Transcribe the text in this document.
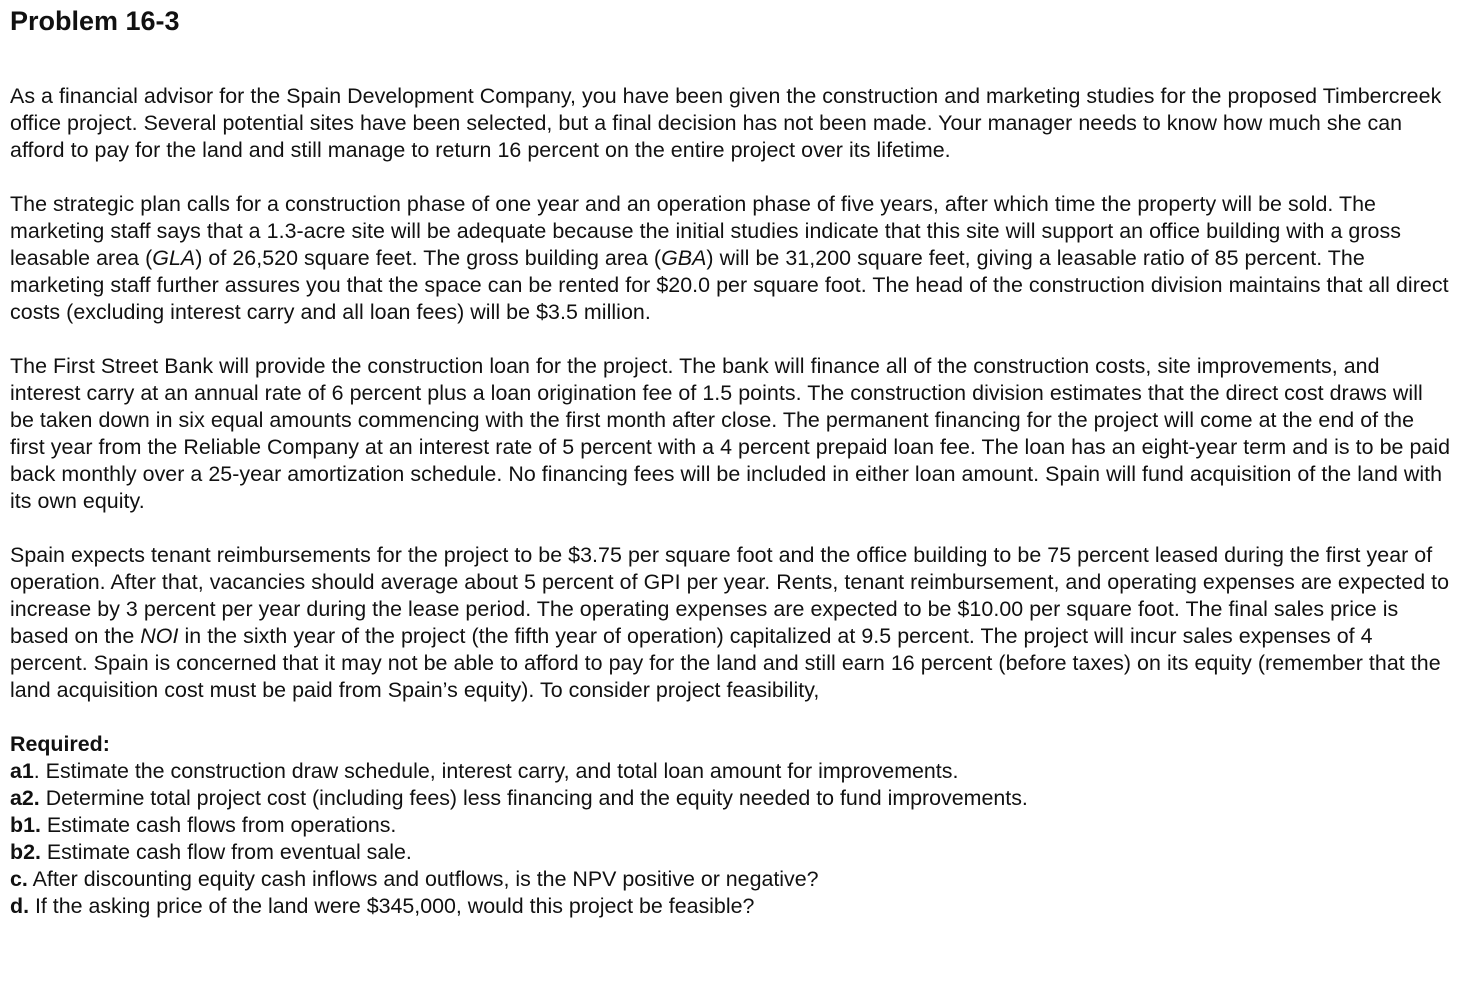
Problem 16-3

As a financial advisor for the Spain Development Company, you have been given the construction and marketing studies for the proposed Timbercreek office project. Several potential sites have been selected, but a final decision has not been made. Your manager needs to know how much she can afford to pay for the land and still manage to return 16 percent on the entire project over its lifetime.

The strategic plan calls for a construction phase of one year and an operation phase of five years, after which time the property will be sold. The marketing staff says that a 1.3-acre site will be adequate because the initial studies indicate that this site will support an office building with a gross leasable area (GLA) of 26,520 square feet. The gross building area (GBA) will be 31,200 square feet, giving a leasable ratio of 85 percent. The marketing staff further assures you that the space can be rented for $20.0 per square foot. The head of the construction division maintains that all direct costs (excluding interest carry and all loan fees) will be $3.5 million.

The First Street Bank will provide the construction loan for the project. The bank will finance all of the construction costs, site improvements, and interest carry at an annual rate of 6 percent plus a loan origination fee of 1.5 points. The construction division estimates that the direct cost draws will be taken down in six equal amounts commencing with the first month after close. The permanent financing for the project will come at the end of the first year from the Reliable Company at an interest rate of 5 percent with a 4 percent prepaid loan fee. The loan has an eight-year term and is to be paid back monthly over a 25-year amortization schedule. No financing fees will be included in either loan amount. Spain will fund acquisition of the land with its own equity.

Spain expects tenant reimbursements for the project to be $3.75 per square foot and the office building to be 75 percent leased during the first year of operation. After that, vacancies should average about 5 percent of GPI per year. Rents, tenant reimbursement, and operating expenses are expected to increase by 3 percent per year during the lease period. The operating expenses are expected to be $10.00 per square foot. The final sales price is based on the NOI in the sixth year of the project (the fifth year of operation) capitalized at 9.5 percent. The project will incur sales expenses of 4 percent. Spain is concerned that it may not be able to afford to pay for the land and still earn 16 percent (before taxes) on its equity (remember that the land acquisition cost must be paid from Spain’s equity). To consider project feasibility,

Required:

a1. Estimate the construction draw schedule, interest carry, and total loan amount for improvements.

a2. Determine total project cost (including fees) less financing and the equity needed to fund improvements.

b1. Estimate cash flows from operations.

b2. Estimate cash flow from eventual sale.

c. After discounting equity cash inflows and outflows, is the NPV positive or negative?

d. If the asking price of the land were $345,000, would this project be feasible?
